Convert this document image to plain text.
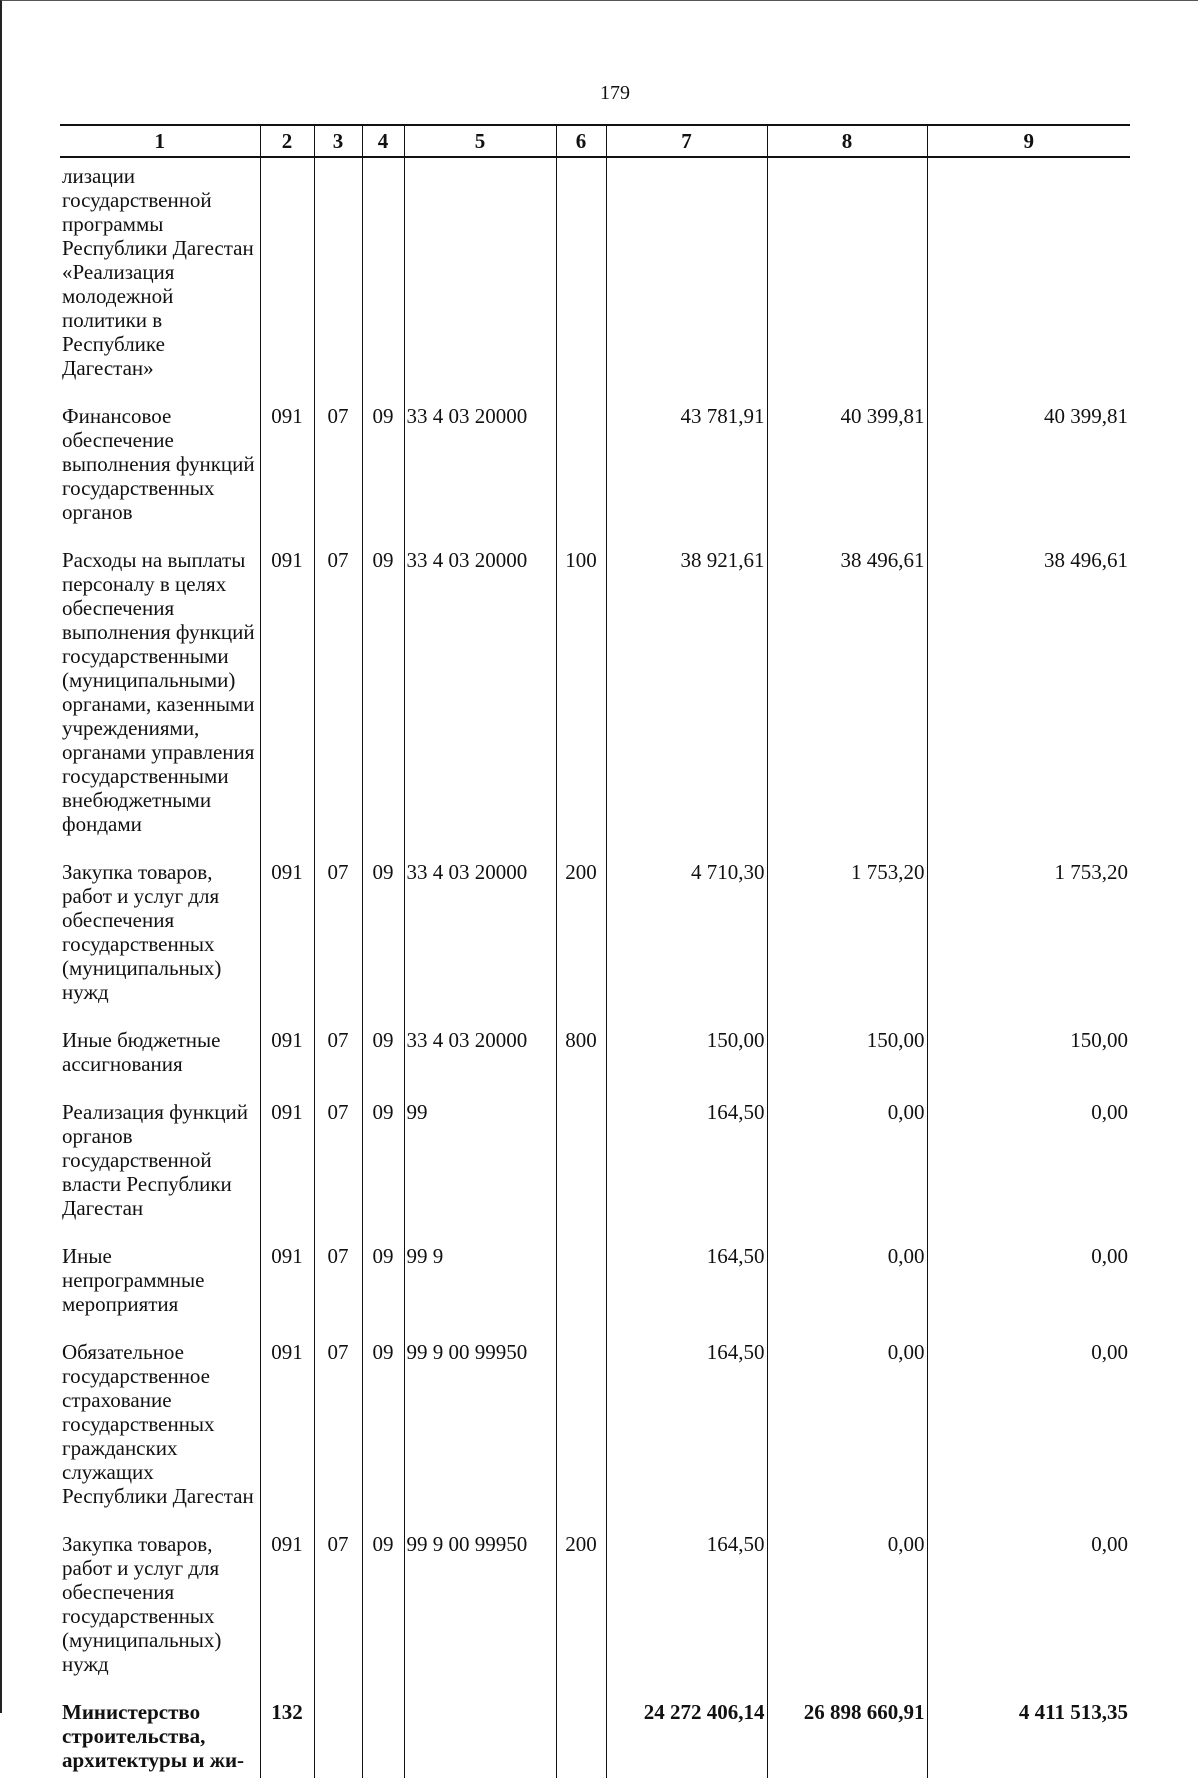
179
1	2	3	4	5	6	7	8	9
лизации государственной программы Республики Дагестан «Реализация молодежной политики в Республике Дагестан»								
Финансовое обеспечение выполнения функций государственных органов	091	07	09	33 4 03 20000		43 781,91	40 399,81	40 399,81
Расходы на выплаты персоналу в целях обеспечения выполнения функций государственными (муниципальными) органами, казенными учреждениями, органами управления государственными внебюджетными фондами	091	07	09	33 4 03 20000	100	38 921,61	38 496,61	38 496,61
Закупка товаров, работ и услуг для обеспечения государственных (муниципальных) нужд	091	07	09	33 4 03 20000	200	4 710,30	1 753,20	1 753,20
Иные бюджетные ассигнования	091	07	09	33 4 03 20000	800	150,00	150,00	150,00
Реализация функций органов государственной власти Республики Дагестан	091	07	09	99		164,50	0,00	0,00
Иные непрограммные мероприятия	091	07	09	99 9		164,50	0,00	0,00
Обязательное государственное страхование государственных гражданских служащих Республики Дагестан	091	07	09	99 9 00 99950		164,50	0,00	0,00
Закупка товаров, работ и услуг для обеспечения государственных (муниципальных) нужд	091	07	09	99 9 00 99950	200	164,50	0,00	0,00
Министерство строительства, архитектуры и жи-	132					24 272 406,14	26 898 660,91	4 411 513,35
